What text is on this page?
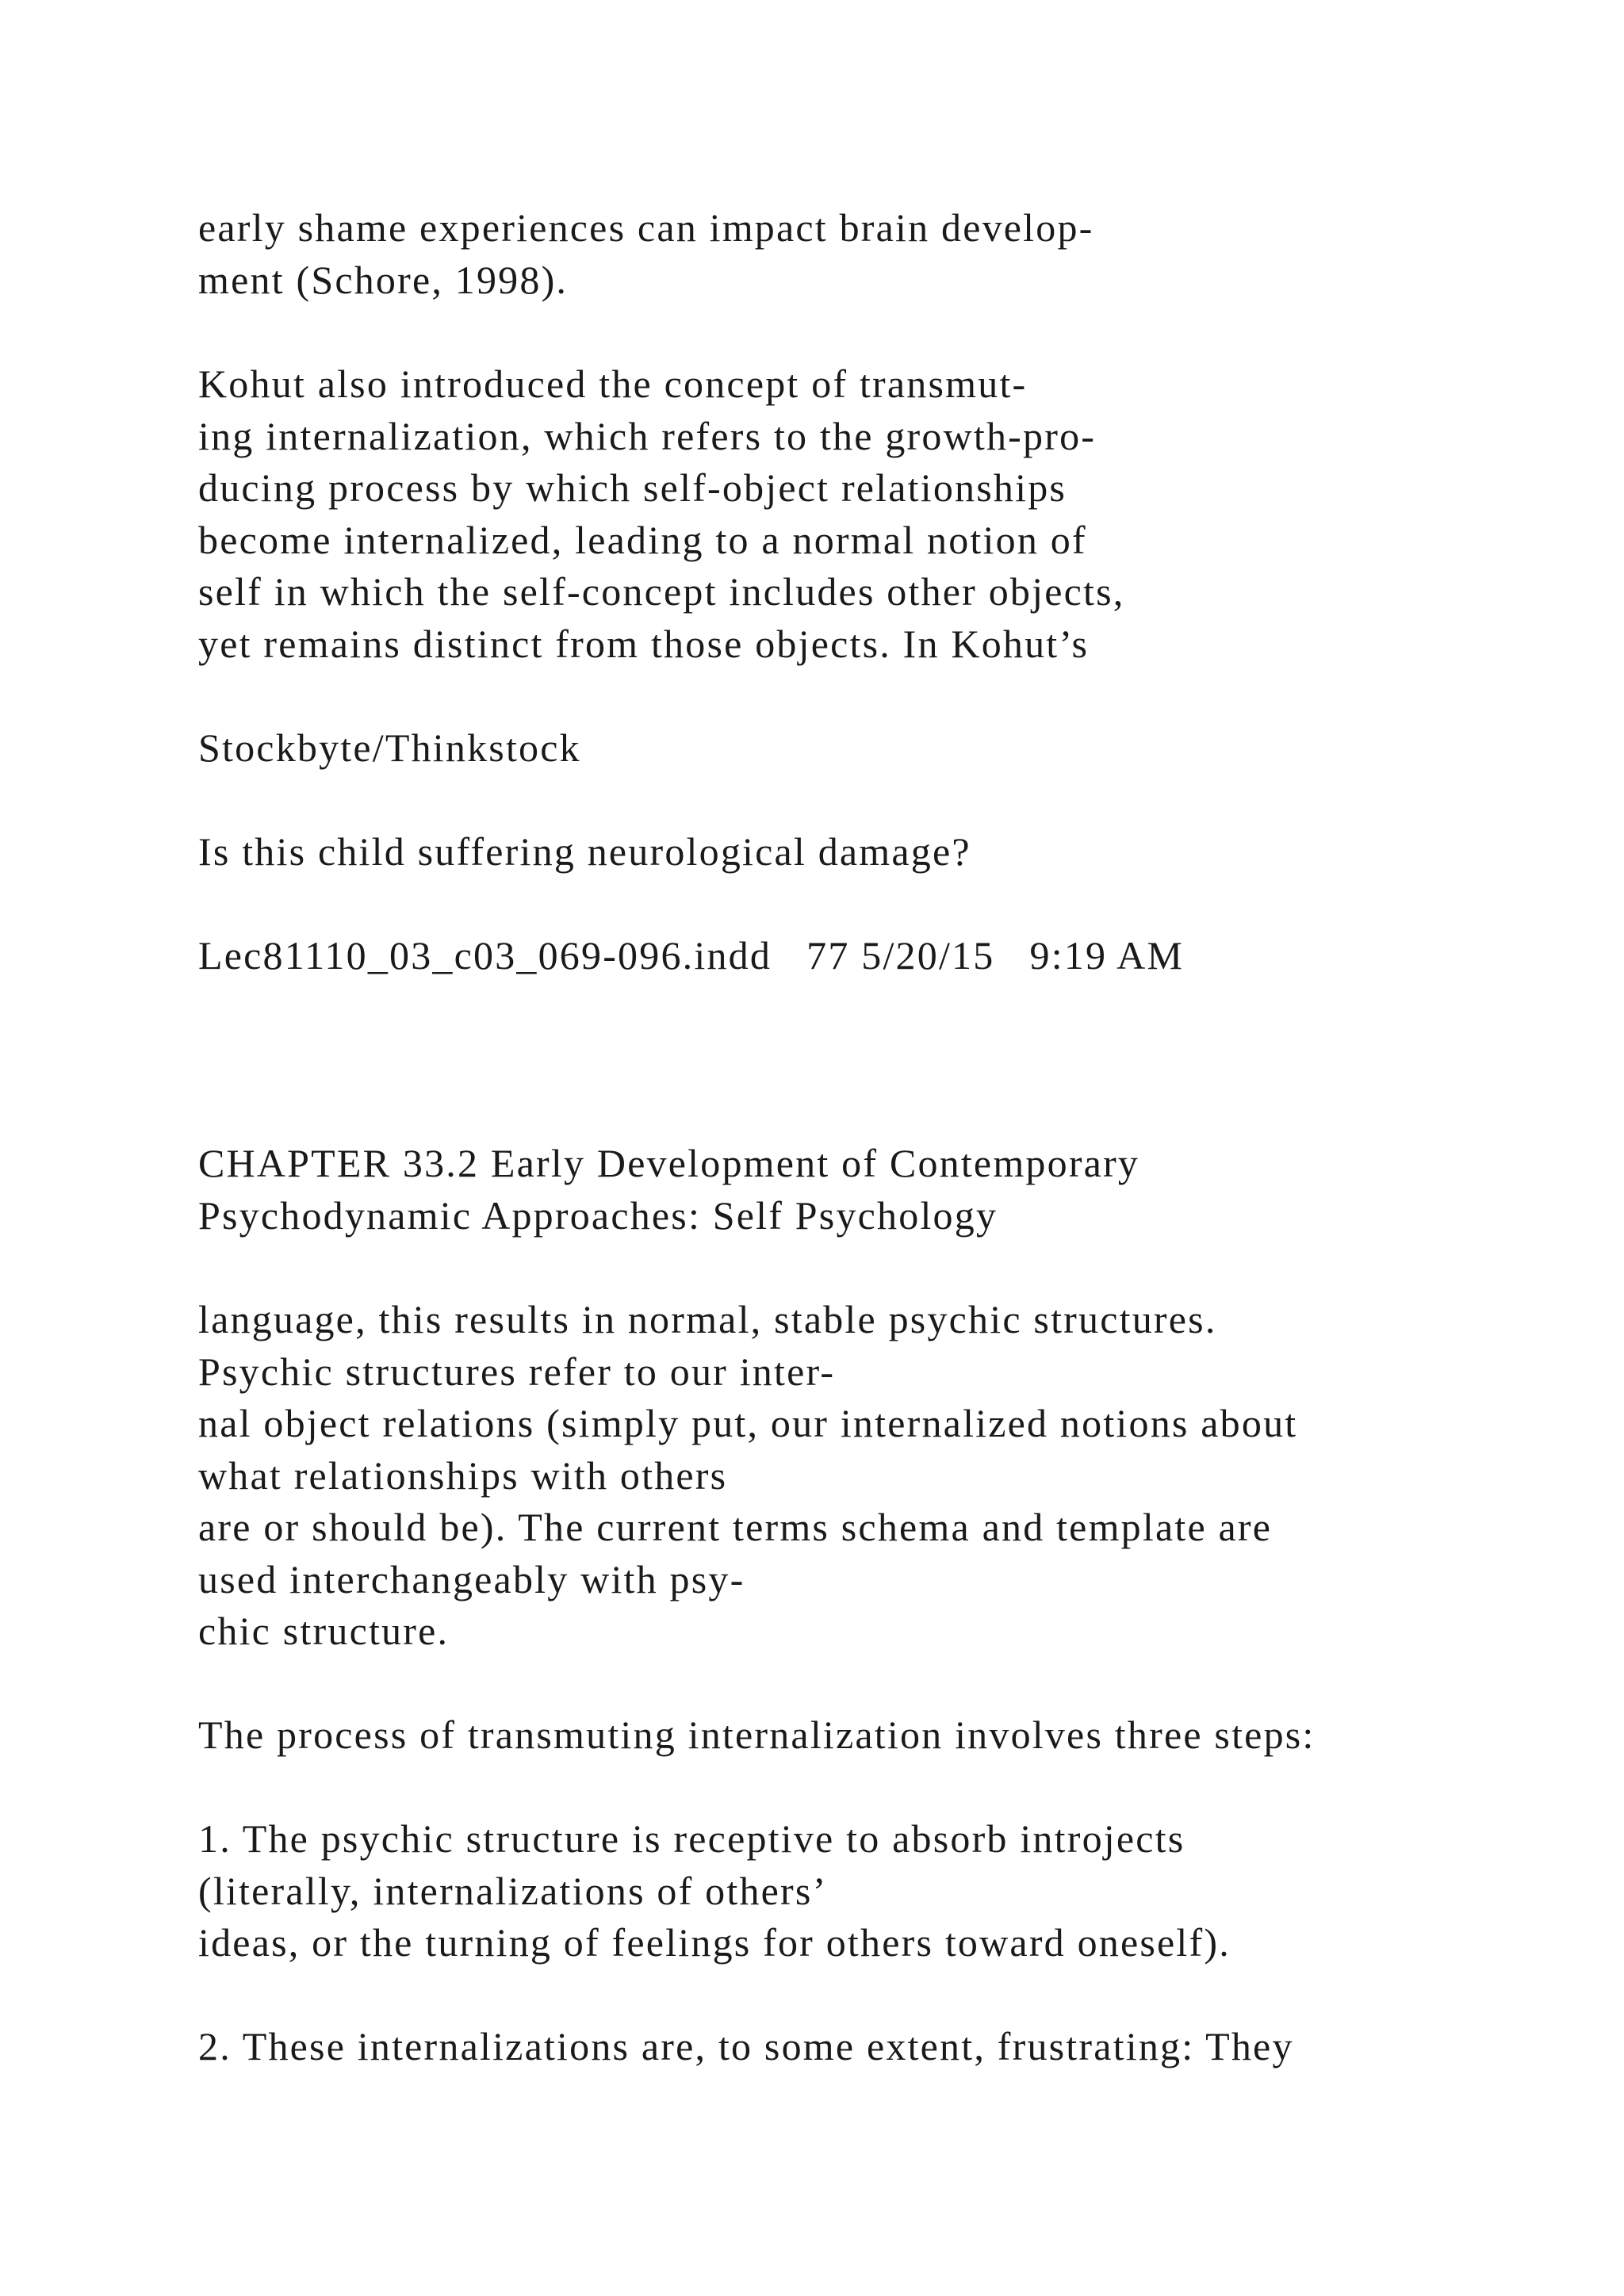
early shame experiences can impact brain develop-

ment (Schore, 1998).

Kohut also introduced the concept of transmut-

ing internalization, which refers to the growth-pro-

ducing process by which self-object relationships

become internalized, leading to a normal notion of

self in which the self-concept includes other objects,

yet remains distinct from those objects. In Kohut’s

Stockbyte/Thinkstock

Is this child suffering neurological damage?

Lec81110_03_c03_069-096.indd   77 5/20/15   9:19 AM

CHAPTER 33.2 Early Development of Contemporary

Psychodynamic Approaches: Self Psychology

language, this results in normal, stable psychic structures.

Psychic structures refer to our inter-

nal object relations (simply put, our internalized notions about

what relationships with others

are or should be). The current terms schema and template are

used interchangeably with psy-

chic structure.

The process of transmuting internalization involves three steps:

1. The psychic structure is receptive to absorb introjects

(literally, internalizations of others’

ideas, or the turning of feelings for others toward oneself).

2. These internalizations are, to some extent, frustrating: They
